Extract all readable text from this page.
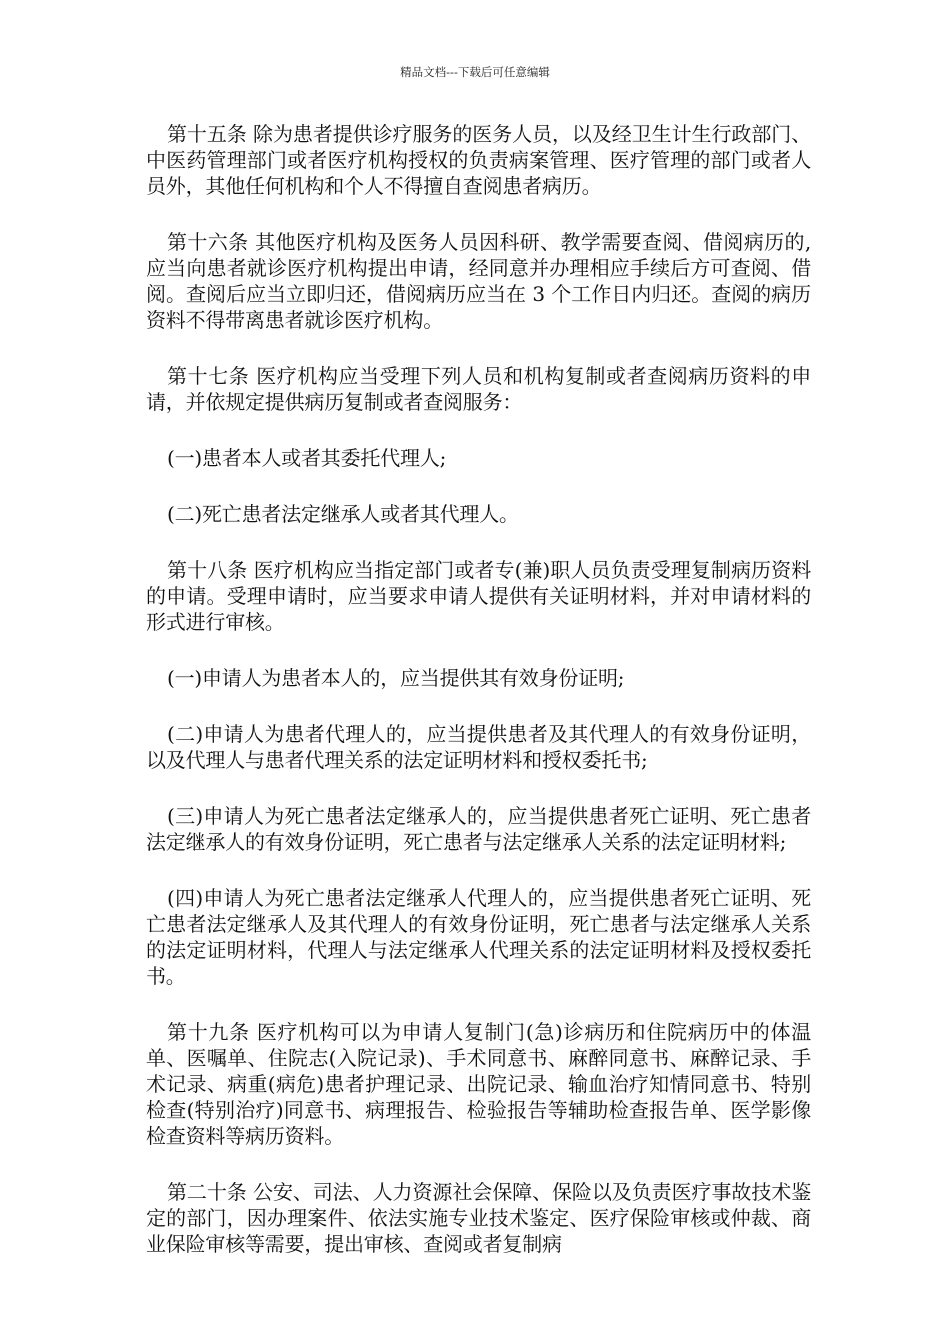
精品文档---下载后可任意编辑

第十五条 除为患者提供诊疗服务的医务人员，以及经卫生计生行政部门、中医药管理部门或者医疗机构授权的负责病案管理、医疗管理的部门或者人员外，其他任何机构和个人不得擅自查阅患者病历。

第十六条 其他医疗机构及医务人员因科研、教学需要查阅、借阅病历的,应当向患者就诊医疗机构提出申请，经同意并办理相应手续后方可查阅、借阅。查阅后应当立即归还，借阅病历应当在 3 个工作日内归还。查阅的病历资料不得带离患者就诊医疗机构。

第十七条 医疗机构应当受理下列人员和机构复制或者查阅病历资料的申请，并依规定提供病历复制或者查阅服务：

(一)患者本人或者其委托代理人;

(二)死亡患者法定继承人或者其代理人。

第十八条 医疗机构应当指定部门或者专(兼)职人员负责受理复制病历资料的申请。受理申请时，应当要求申请人提供有关证明材料，并对申请材料的形式进行审核。

(一)申请人为患者本人的，应当提供其有效身份证明;

(二)申请人为患者代理人的，应当提供患者及其代理人的有效身份证明，以及代理人与患者代理关系的法定证明材料和授权委托书;

(三)申请人为死亡患者法定继承人的，应当提供患者死亡证明、死亡患者法定继承人的有效身份证明，死亡患者与法定继承人关系的法定证明材料;

(四)申请人为死亡患者法定继承人代理人的，应当提供患者死亡证明、死亡患者法定继承人及其代理人的有效身份证明，死亡患者与法定继承人关系的法定证明材料，代理人与法定继承人代理关系的法定证明材料及授权委托书。

第十九条 医疗机构可以为申请人复制门(急)诊病历和住院病历中的体温单、医嘱单、住院志(入院记录)、手术同意书、麻醉同意书、麻醉记录、手术记录、病重(病危)患者护理记录、出院记录、输血治疗知情同意书、特别检查(特别治疗)同意书、病理报告、检验报告等辅助检查报告单、医学影像检查资料等病历资料。

第二十条 公安、司法、人力资源社会保障、保险以及负责医疗事故技术鉴定的部门，因办理案件、依法实施专业技术鉴定、医疗保险审核或仲裁、商业保险审核等需要，提出审核、查阅或者复制病
